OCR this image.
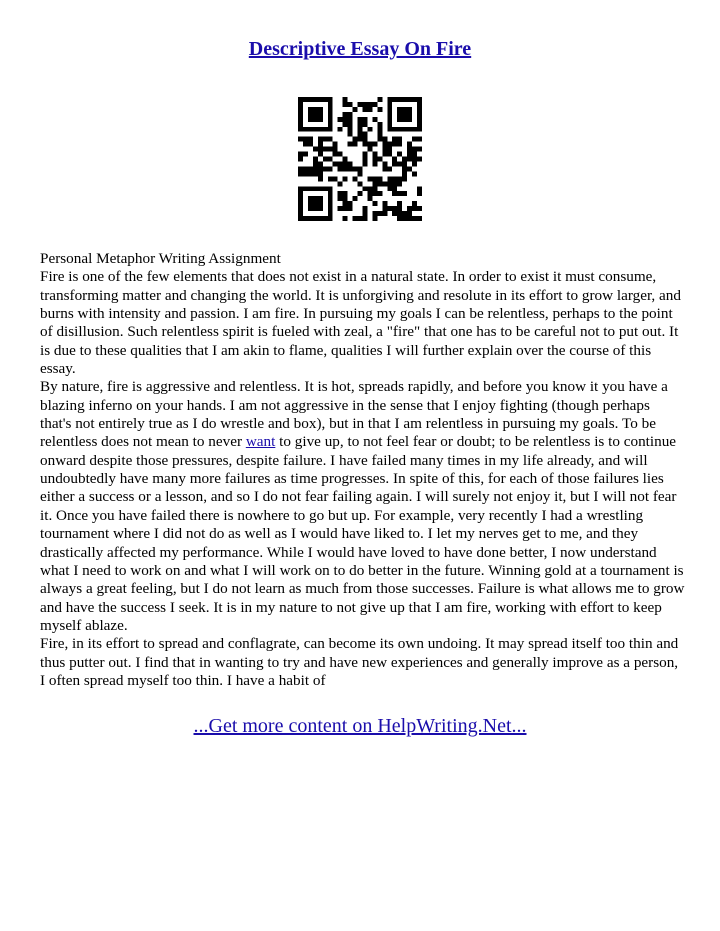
Descriptive Essay On Fire

Personal Metaphor Writing Assignment

Fire is one of the few elements that does not exist in a natural state. In order to exist it must consume, transforming matter and changing the world. It is unforgiving and resolute in its effort to grow larger, and burns with intensity and passion. I am fire. In pursuing my goals I can be relentless, perhaps to the point of disillusion. Such relentless spirit is fueled with zeal, a "fire" that one has to be careful not to put out. It is due to these qualities that I am akin to flame, qualities I will further explain over the course of this essay.

By nature, fire is aggressive and relentless. It is hot, spreads rapidly, and before you know it you have a blazing inferno on your hands. I am not aggressive in the sense that I enjoy fighting (though perhaps that's not entirely true as I do wrestle and box), but in that I am relentless in pursuing my goals. To be relentless does not mean to never want to give up, to not feel fear or doubt; to be relentless is to continue onward despite those pressures, despite failure. I have failed many times in my life already, and will undoubtedly have many more failures as time progresses. In spite of this, for each of those failures lies either a success or a lesson, and so I do not fear failing again. I will surely not enjoy it, but I will not fear it. Once you have failed there is nowhere to go but up. For example, very recently I had a wrestling tournament where I did not do as well as I would have liked to. I let my nerves get to me, and they drastically affected my performance. While I would have loved to have done better, I now understand what I need to work on and what I will work on to do better in the future. Winning gold at a tournament is always a great feeling, but I do not learn as much from those successes. Failure is what allows me to grow and have the success I seek. It is in my nature to not give up that I am fire, working with effort to keep myself ablaze.

Fire, in its effort to spread and conflagrate, can become its own undoing. It may spread itself too thin and thus putter out. I find that in wanting to try and have new experiences and generally improve as a person, I often spread myself too thin. I have a habit of

...Get more content on HelpWriting.Net...
